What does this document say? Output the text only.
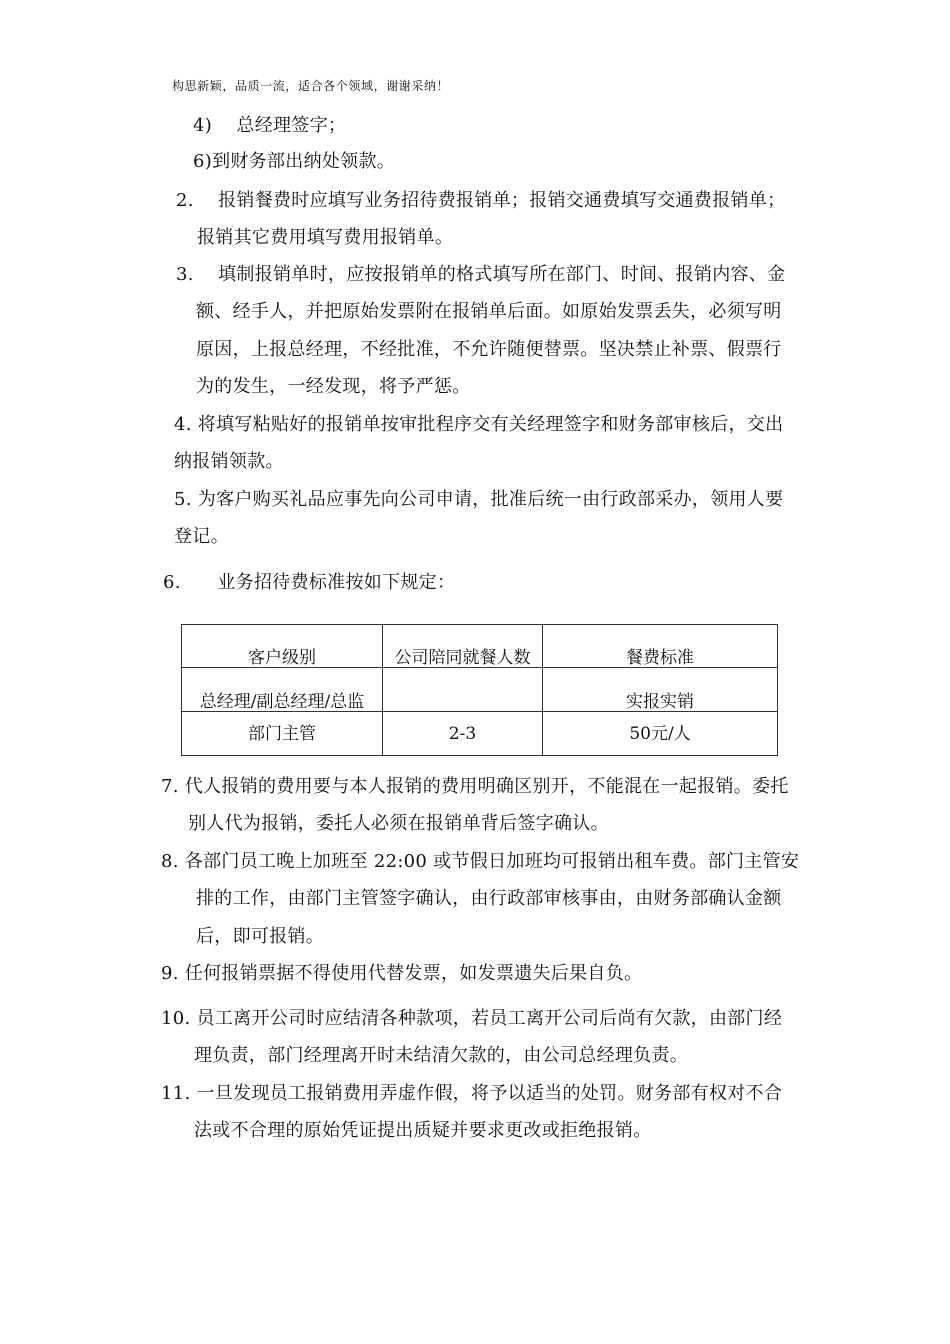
构思新颖，品质一流，适合各个领域，谢谢采纳！
4)　 总经理签字；
6)到财务部出纳处领款。
2.　 报销餐费时应填写业务招待费报销单；报销交通费填写交通费报销单；
报销其它费用填写费用报销单。
3.　 填制报销单时，应按报销单的格式填写所在部门、时间、报销内容、金
额、经手人，并把原始发票附在报销单后面。如原始发票丢失，必须写明
原因，上报总经理，不经批准，不允许随便替票。坚决禁止补票、假票行
为的发生，一经发现，将予严惩。
4. 将填写粘贴好的报销单按审批程序交有关经理签字和财务部审核后，交出
纳报销领款。
5. 为客户购买礼品应事先向公司申请，批准后统一由行政部采办，领用人要
登记。
6.　　业务招待费标准按如下规定：
客户级别	公司陪同就餐人数	餐费标准
总经理/副总经理/总监		实报实销
部门主管	2-3	50元/人
7. 代人报销的费用要与本人报销的费用明确区别开，不能混在一起报销。委托
别人代为报销，委托人必须在报销单背后签字确认。
8. 各部门员工晚上加班至 22:00 或节假日加班均可报销出租车费。部门主管安
排的工作，由部门主管签字确认，由行政部审核事由，由财务部确认金额
后，即可报销。
9. 任何报销票据不得使用代替发票，如发票遗失后果自负。
10. 员工离开公司时应结清各种款项，若员工离开公司后尚有欠款，由部门经
理负责，部门经理离开时未结清欠款的，由公司总经理负责。
11. 一旦发现员工报销费用弄虚作假，将予以适当的处罚。财务部有权对不合
法或不合理的原始凭证提出质疑并要求更改或拒绝报销。
